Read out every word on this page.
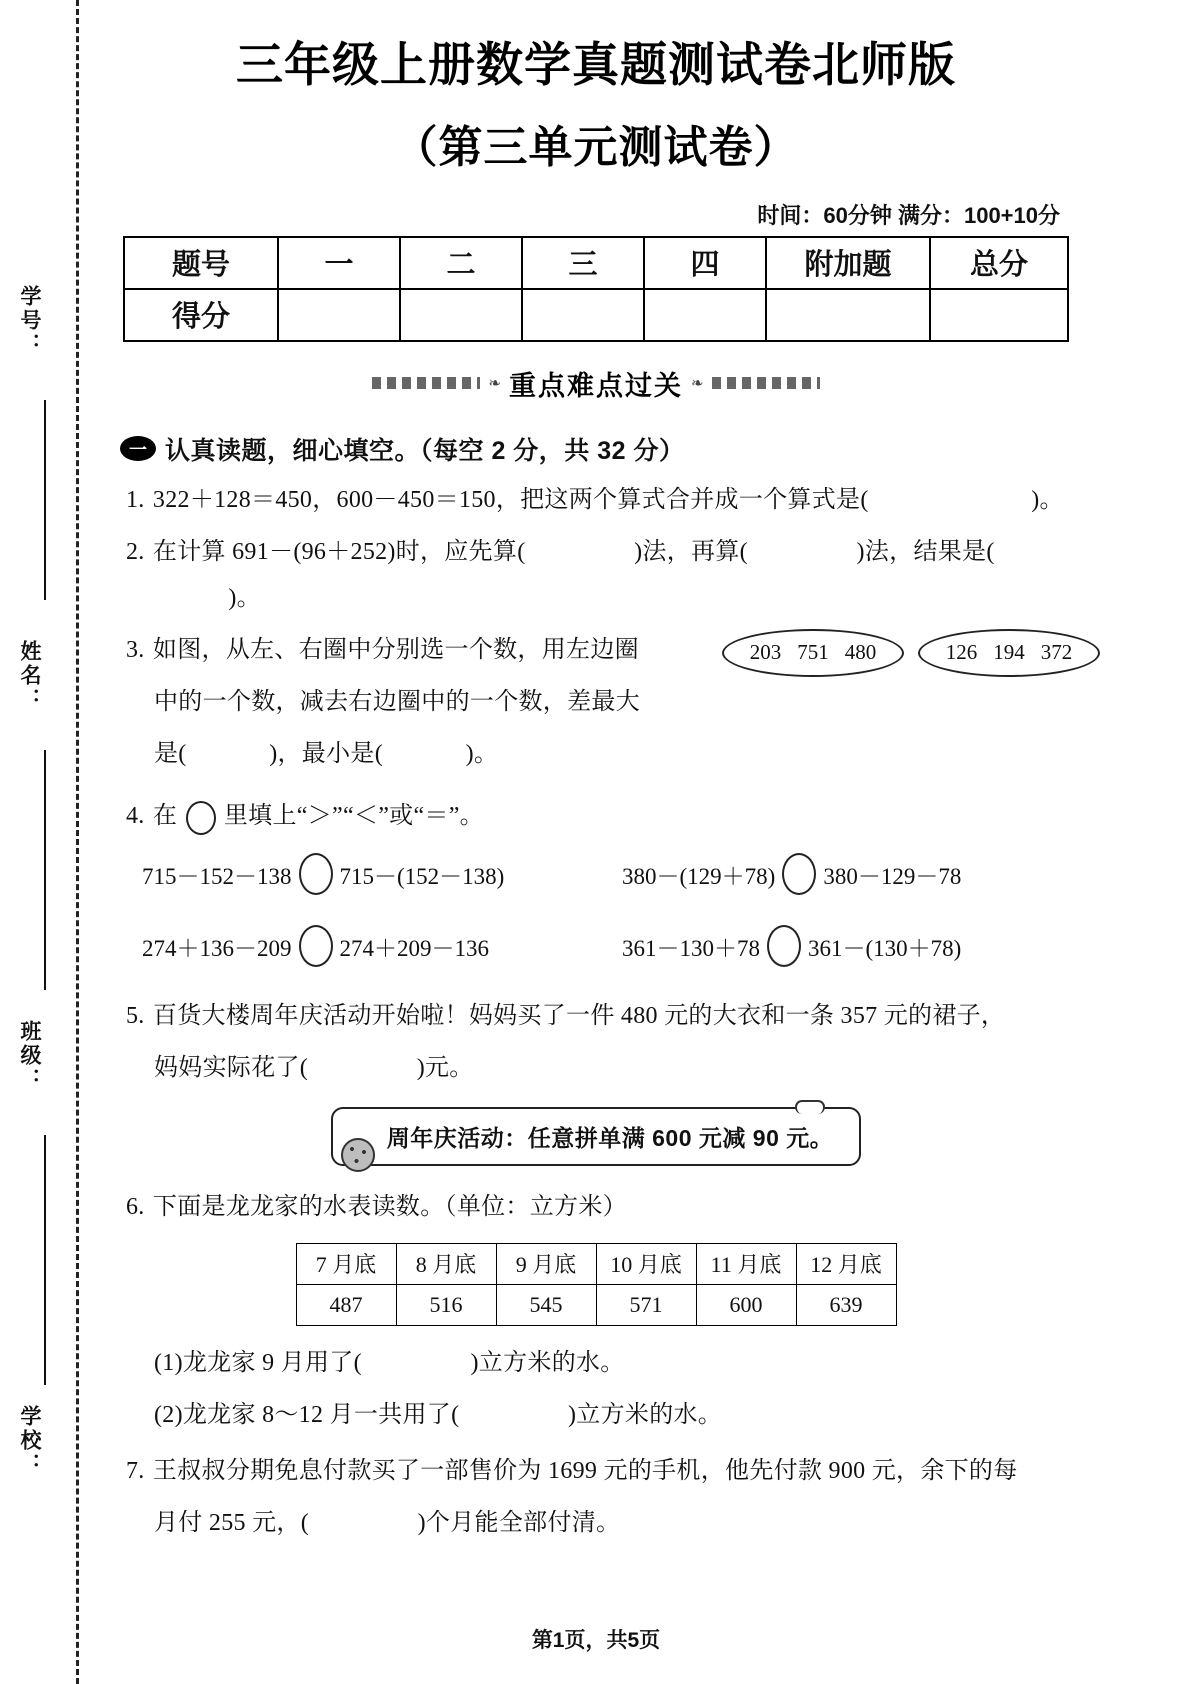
学号：
姓名：
班级：
学校：
三年级上册数学真题测试卷北师版
（第三单元测试卷）
时间：60分钟 满分：100+10分
题号	一	二	三	四	附加题	总分
得分						
❧ 重点难点过关 ❧
一 认真读题，细心填空。（每空 2 分，共 32 分）
1. 322＋128＝450，600－450＝150，把这两个算式合并成一个算式是(	)。
2. 在计算 691－(96＋252)时，应先算(	)法，再算(	)法，结果是(  )。
203 751 480	126 194 372
3. 如图，从左、右圈中分别选一个数，用左边圈
中的一个数，减去右边圈中的一个数，差最大
是(	)，最小是(	)。
4. 在 里填上“＞”“＜”或“＝”。
715－152－138 715－(152－138)	380－(129＋78) 380－129－78
274＋136－209 274＋209－136	361－130＋78 361－(130＋78)
5. 百货大楼周年庆活动开始啦！妈妈买了一件 480 元的大衣和一条 357 元的裙子，
妈妈实际花了(	)元。
周年庆活动：任意拼单满 600 元减 90 元。
6. 下面是龙龙家的水表读数。（单位：立方米）
7 月底	8 月底	9 月底	10 月底	11 月底	12 月底
487	516	545	571	600	639
(1)龙龙家 9 月用了(	)立方米的水。
(2)龙龙家 8～12 月一共用了(	)立方米的水。
7. 王叔叔分期免息付款买了一部售价为 1699 元的手机，他先付款 900 元，余下的每
月付 255 元，(	)个月能全部付清。
第1页，共5页
